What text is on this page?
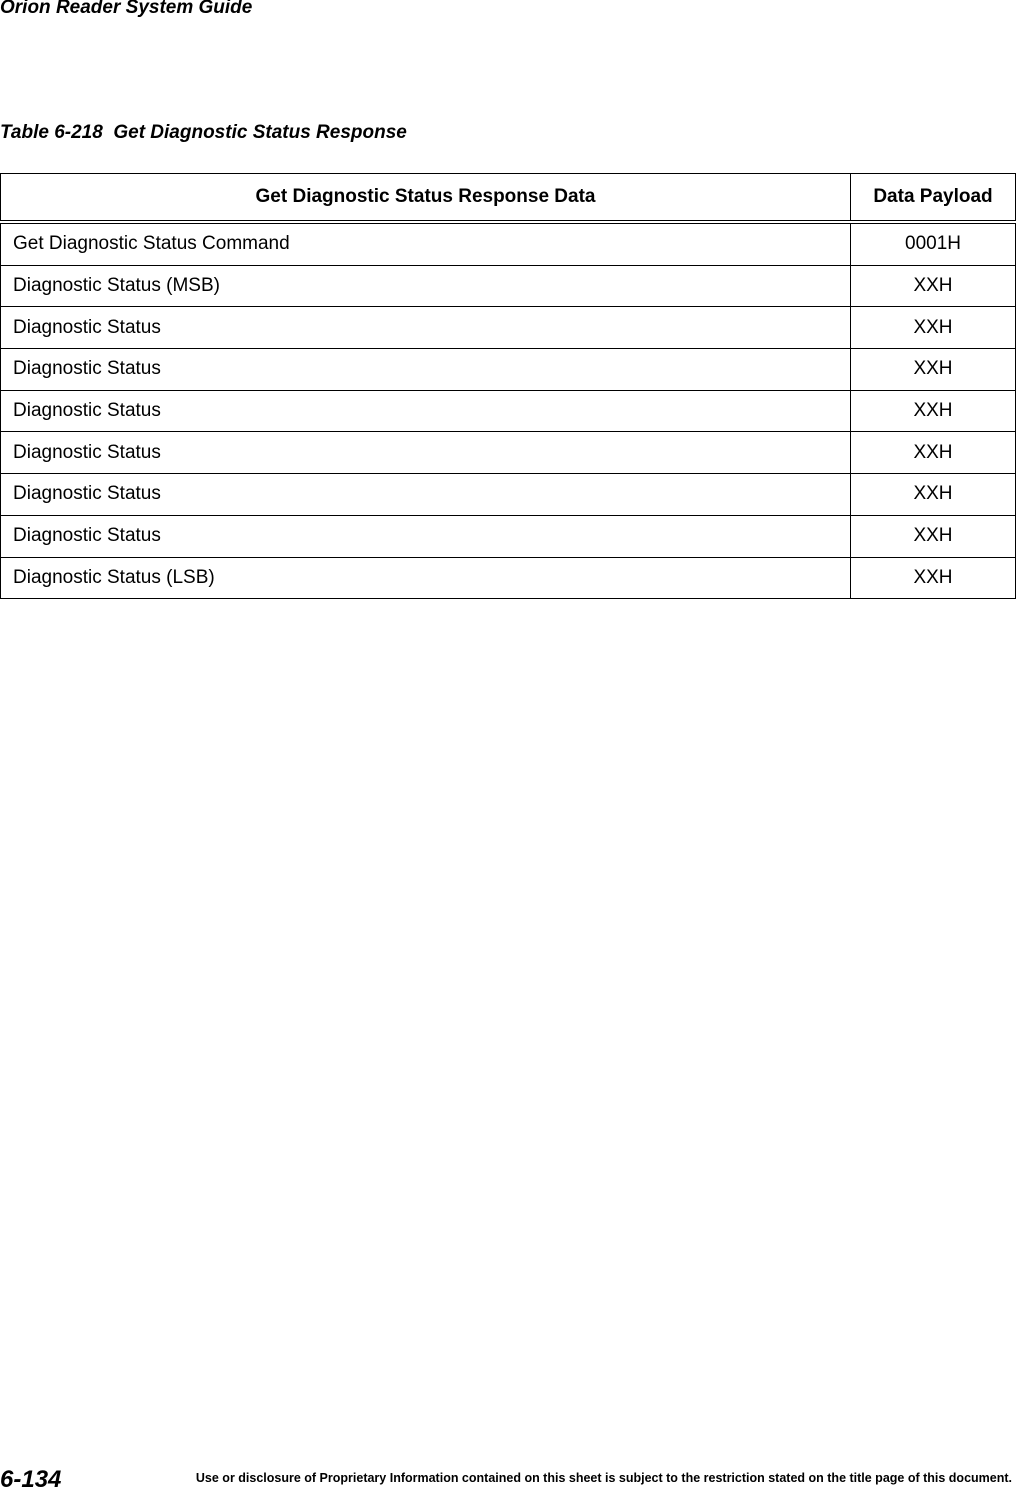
Orion Reader System Guide
Table 6-218  Get Diagnostic Status Response
Get Diagnostic Status Response Data	Data Payload
Get Diagnostic Status Command	0001H
Diagnostic Status (MSB)	XXH
Diagnostic Status	XXH
Diagnostic Status	XXH
Diagnostic Status	XXH
Diagnostic Status	XXH
Diagnostic Status	XXH
Diagnostic Status	XXH
Diagnostic Status (LSB)	XXH
6-134	Use or disclosure of Proprietary Information contained on this sheet is subject to the restriction stated on the title page of this document.
